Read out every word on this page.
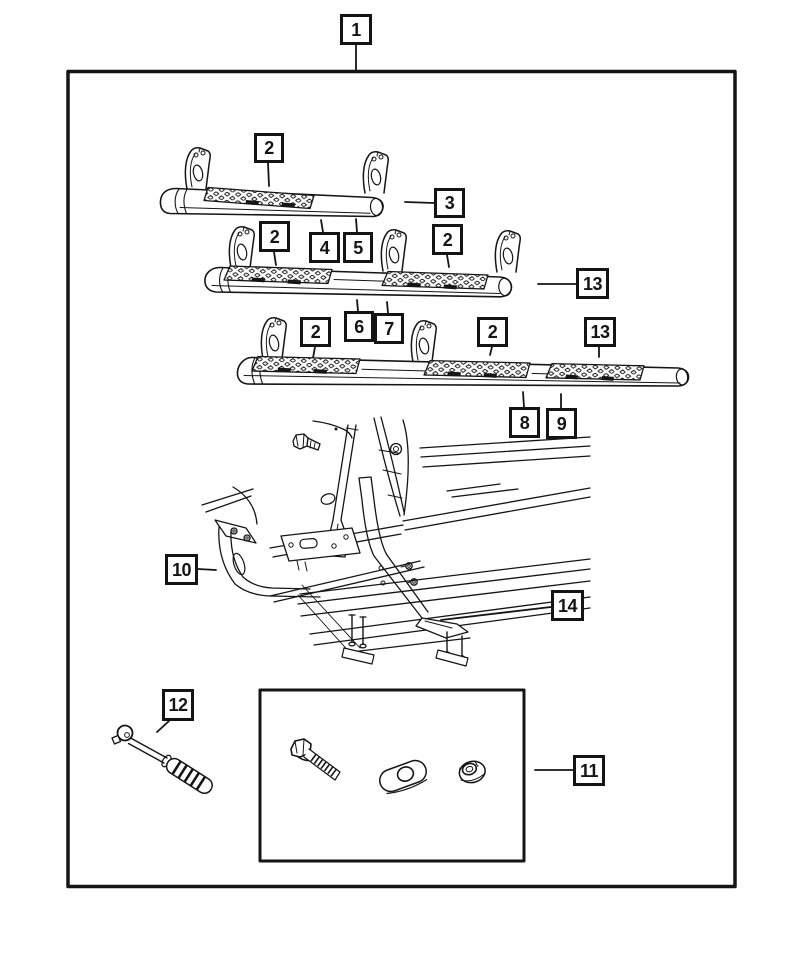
1
2
3
2
4	5	2
13
2	6	7	2	13
8	9
10
14
12
11
